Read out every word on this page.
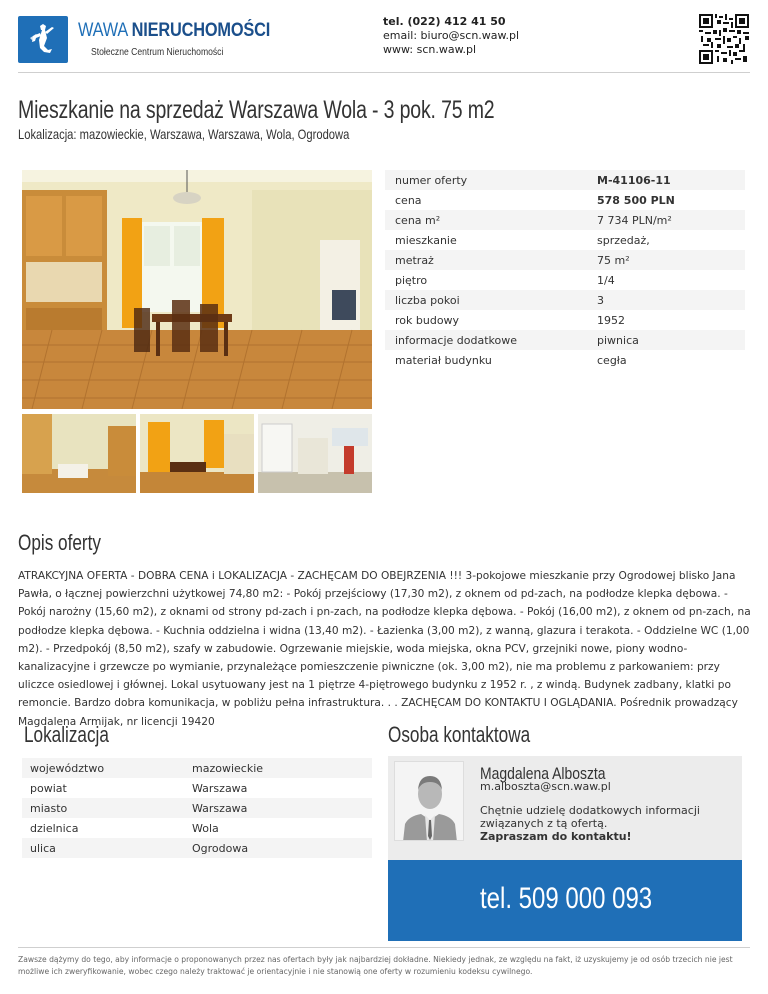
WAWA NIERUCHOMOŚCI
Stołeczne Centrum Nieruchomości
tel. (022) 412 41 50
email: biuro@scn.waw.pl
www: scn.waw.pl
Mieszkanie na sprzedaż Warszawa Wola - 3 pok. 75 m2
Lokalizacja: mazowieckie, Warszawa, Warszawa, Wola, Ogrodowa
numer oferty	M-41106-11
cena	578 500 PLN
cena m²	7 734 PLN/m²
mieszkanie	sprzedaż,
metraż	75 m²
piętro	1/4
liczba pokoi	3
rok budowy	1952
informacje dodatkowe	piwnica
materiał budynku	cegła
Opis oferty
ATRAKCYJNA OFERTA - DOBRA CENA i LOKALIZACJA - ZACHĘCAM DO OBEJRZENIA !!! 3-pokojowe mieszkanie przy Ogrodowej blisko Jana Pawła, o łącznej powierzchni użytkowej 74,80 m2: - Pokój przejściowy (17,30 m2), z oknem od pd-zach, na podłodze klepka dębowa. - Pokój narożny (15,60 m2), z oknami od strony pd-zach i pn-zach, na podłodze klepka dębowa. - Pokój (16,00 m2), z oknem od pn-zach, na podłodze klepka dębowa. - Kuchnia oddzielna i widna (13,40 m2). - Łazienka (3,00 m2), z wanną, glazura i terakota. - Oddzielne WC (1,00 m2). - Przedpokój (8,50 m2), szafy w zabudowie. Ogrzewanie miejskie, woda miejska, okna PCV, grzejniki nowe, piony wodno-kanalizacyjne i grzewcze po wymianie, przynależące pomieszczenie piwniczne (ok. 3,00 m2), nie ma problemu z parkowaniem: przy uliczce osiedlowej i głównej. Lokal usytuowany jest na 1 piętrze 4-piętrowego budynku z 1952 r. , z windą. Budynek zadbany, klatki po remoncie. Bardzo dobra komunikacja, w pobliżu pełna infrastruktura. . . ZACHĘCAM DO KONTAKTU I OGLĄDANIA. Pośrednik prowadzący Magdalena Armijak, nr licencji 19420
Lokalizacja
województwo	mazowieckie
powiat	Warszawa
miasto	Warszawa
dzielnica	Wola
ulica	Ogrodowa
Osoba kontaktowa
Magdalena Alboszta
m.alboszta@scn.waw.pl
Chętnie udzielę dodatkowych informacji związanych z tą ofertą.
Zapraszam do kontaktu!
tel. 509 000 093
Zawsze dążymy do tego, aby informacje o proponowanych przez nas ofertach były jak najbardziej dokładne. Niekiedy jednak, ze względu na fakt, iż uzyskujemy je od osób trzecich nie jest możliwe ich zweryfikowanie, wobec czego należy traktować je orientacyjnie i nie stanowią one oferty w rozumieniu kodeksu cywilnego.
